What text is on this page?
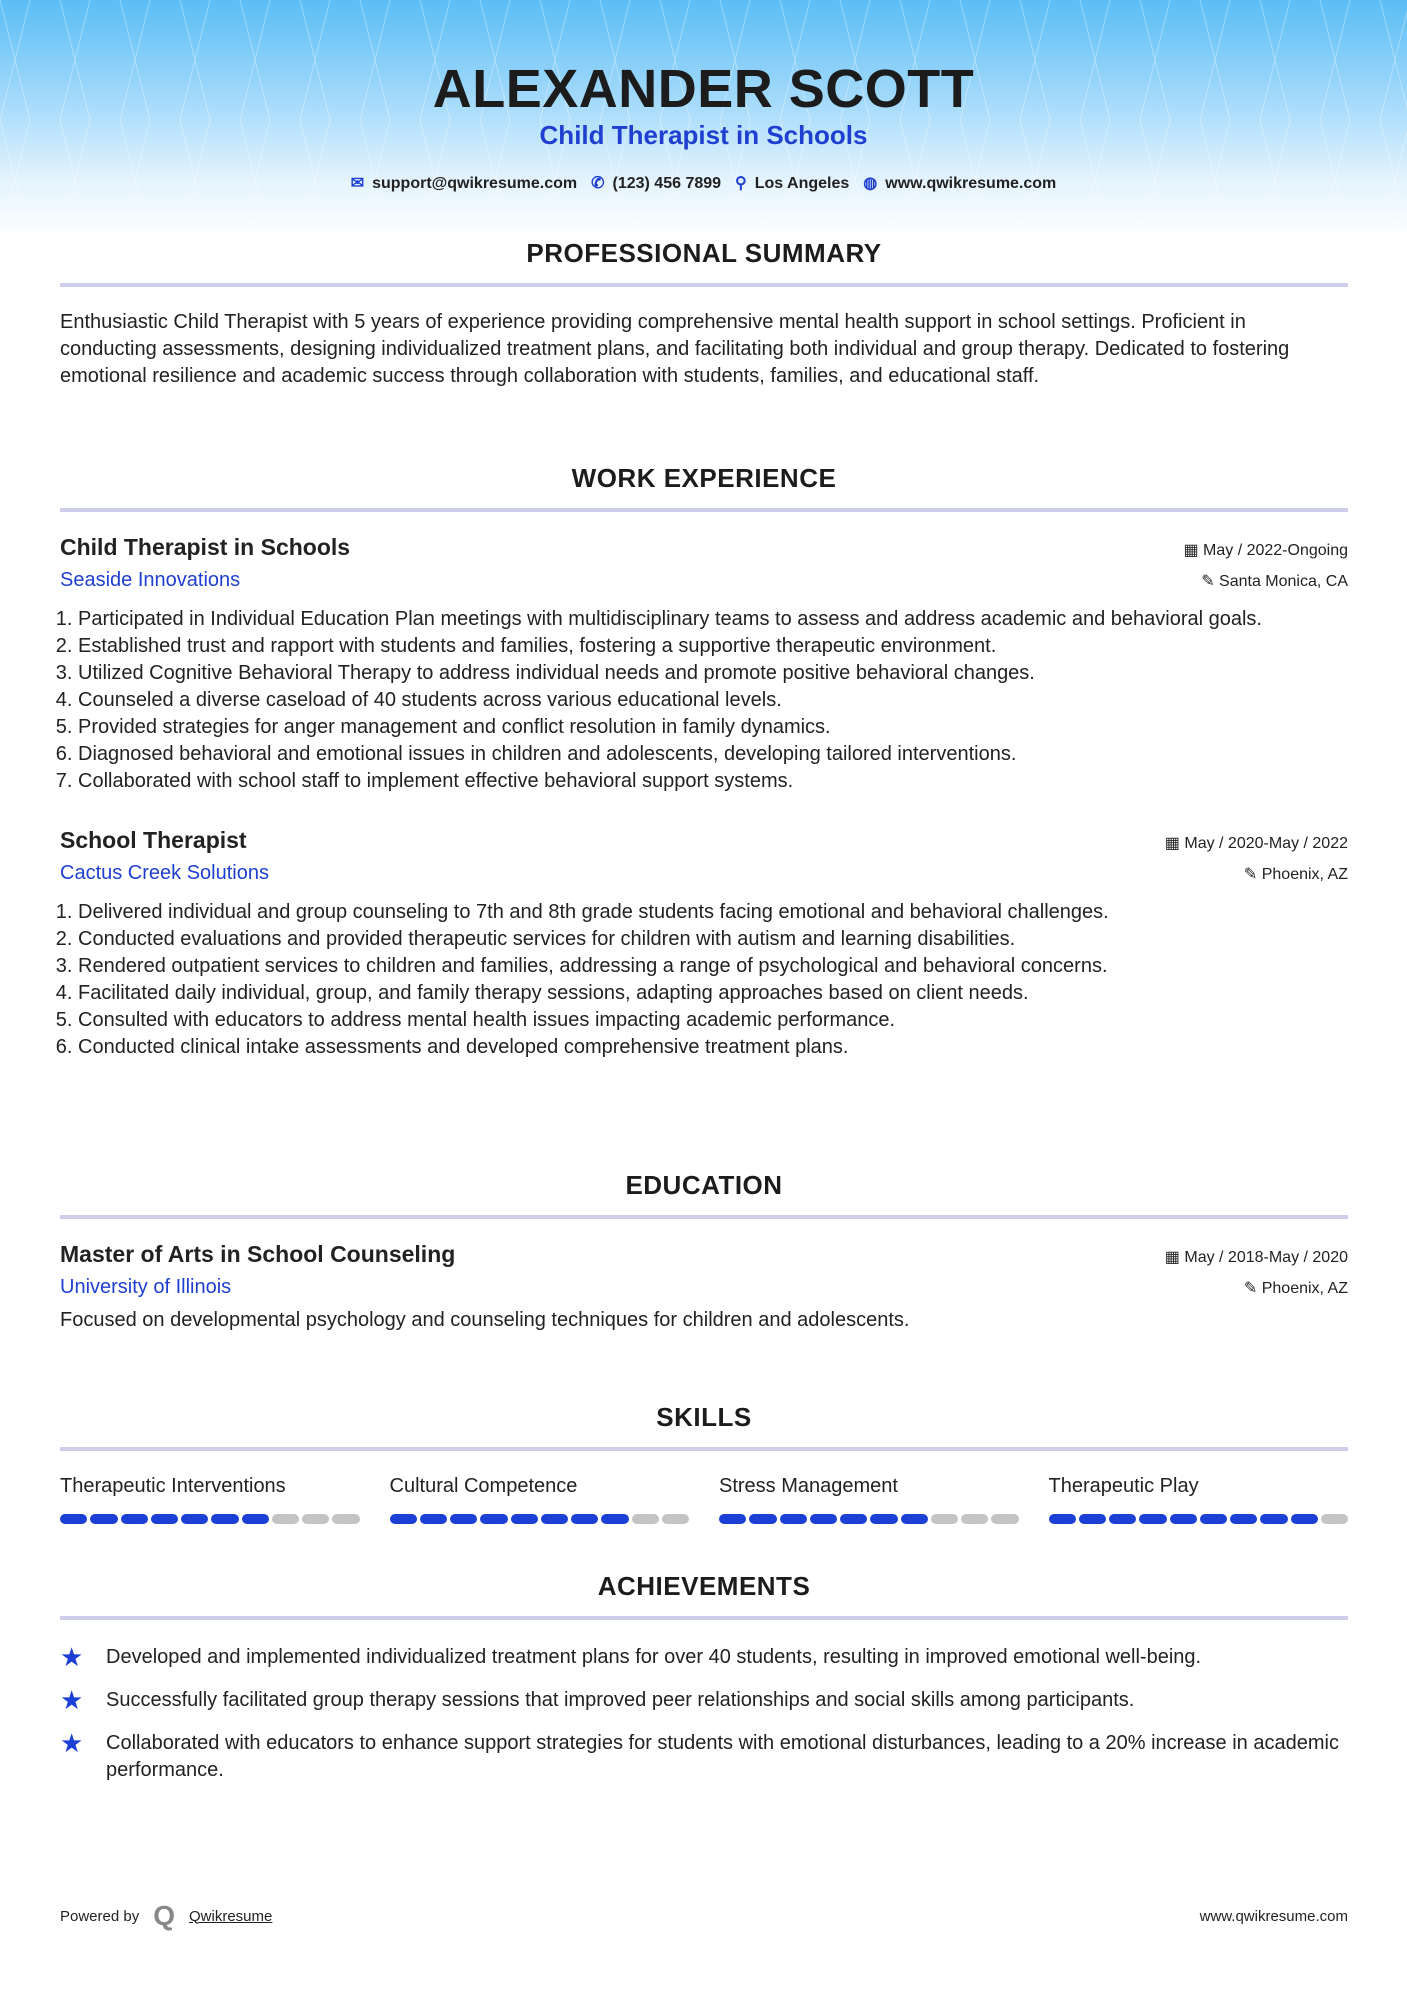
ALEXANDER SCOTT
Child Therapist in Schools
✉ support@qwikresume.com ✆ (123) 456 7899 ⚲ Los Angeles ◍ www.qwikresume.com
PROFESSIONAL SUMMARY
Enthusiastic Child Therapist with 5 years of experience providing comprehensive mental health support in school settings. Proficient in conducting assessments, designing individualized treatment plans, and facilitating both individual and group therapy. Dedicated to fostering emotional resilience and academic success through collaboration with students, families, and educational staff.
WORK EXPERIENCE
Child Therapist in Schools	▦ May / 2022-Ongoing
Seaside Innovations	✎ Santa Monica, CA
1. Participated in Individual Education Plan meetings with multidisciplinary teams to assess and address academic and behavioral goals.
2. Established trust and rapport with students and families, fostering a supportive therapeutic environment.
3. Utilized Cognitive Behavioral Therapy to address individual needs and promote positive behavioral changes.
4. Counseled a diverse caseload of 40 students across various educational levels.
5. Provided strategies for anger management and conflict resolution in family dynamics.
6. Diagnosed behavioral and emotional issues in children and adolescents, developing tailored interventions.
7. Collaborated with school staff to implement effective behavioral support systems.
School Therapist	▦ May / 2020-May / 2022
Cactus Creek Solutions	✎ Phoenix, AZ
1. Delivered individual and group counseling to 7th and 8th grade students facing emotional and behavioral challenges.
2. Conducted evaluations and provided therapeutic services for children with autism and learning disabilities.
3. Rendered outpatient services to children and families, addressing a range of psychological and behavioral concerns.
4. Facilitated daily individual, group, and family therapy sessions, adapting approaches based on client needs.
5. Consulted with educators to address mental health issues impacting academic performance.
6. Conducted clinical intake assessments and developed comprehensive treatment plans.
EDUCATION
Master of Arts in School Counseling	▦ May / 2018-May / 2020
University of Illinois	✎ Phoenix, AZ
Focused on developmental psychology and counseling techniques for children and adolescents.
SKILLS
Therapeutic Interventions	Cultural Competence	Stress Management	Therapeutic Play
ACHIEVEMENTS
★	Developed and implemented individualized treatment plans for over 40 students, resulting in improved emotional well-being.
★	Successfully facilitated group therapy sessions that improved peer relationships and social skills among participants.
★	Collaborated with educators to enhance support strategies for students with emotional disturbances, leading to a 20% increase in academic performance.
Powered by Q Qwikresume	www.qwikresume.com
